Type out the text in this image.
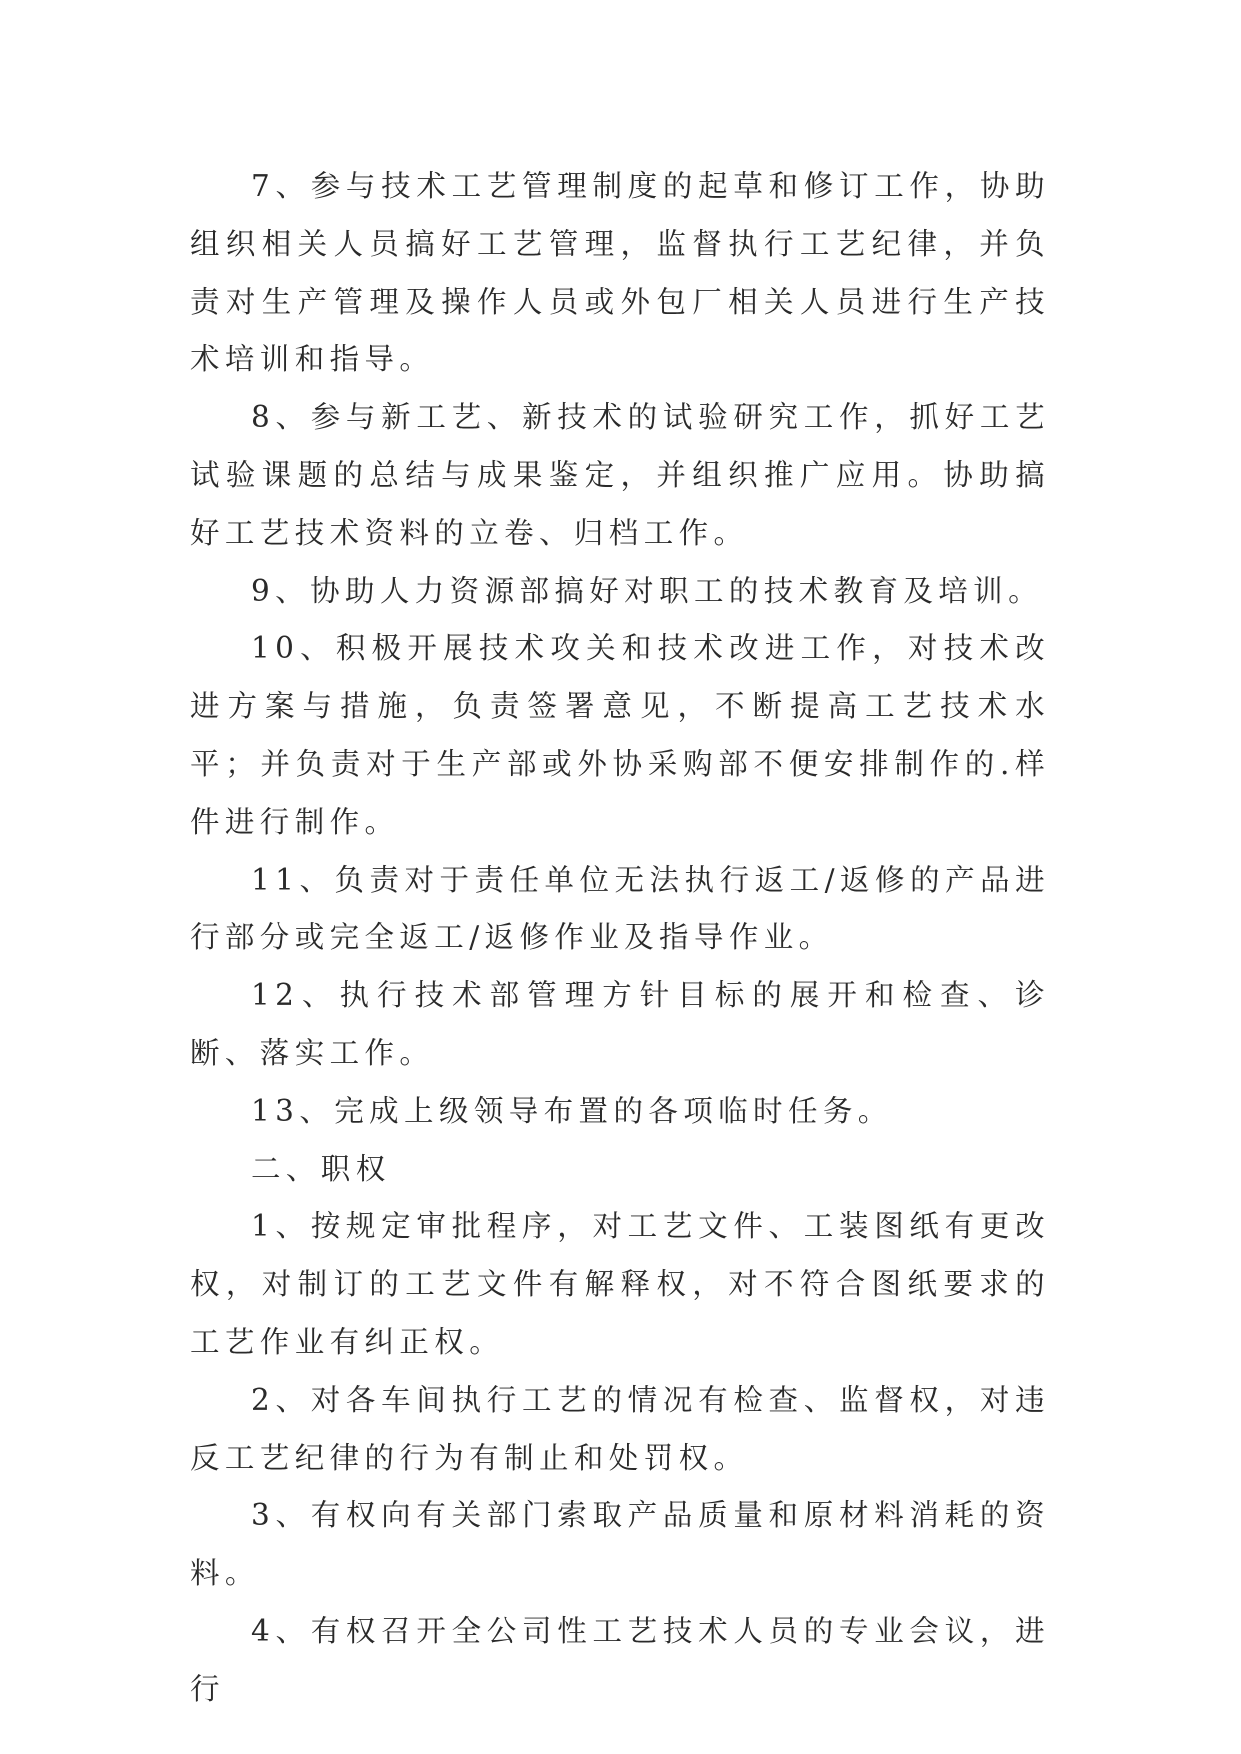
7、参与技术工艺管理制度的起草和修订工作，协助组织相关人员搞好工艺管理，监督执行工艺纪律，并负责对生产管理及操作人员或外包厂相关人员进行生产技术培训和指导。

8、参与新工艺、新技术的试验研究工作，抓好工艺试验课题的总结与成果鉴定，并组织推广应用。协助搞好工艺技术资料的立卷、归档工作。

9、协助人力资源部搞好对职工的技术教育及培训。

10、积极开展技术攻关和技术改进工作，对技术改进方案与措施，负责签署意见，不断提高工艺技术水平；并负责对于生产部或外协采购部不便安排制作的.样件进行制作。

11、负责对于责任单位无法执行返工/返修的产品进行部分或完全返工/返修作业及指导作业。

12、执行技术部管理方针目标的展开和检查、诊断、落实工作。

13、完成上级领导布置的各项临时任务。

二、职权

1、按规定审批程序，对工艺文件、工装图纸有更改权，对制订的工艺文件有解释权，对不符合图纸要求的工艺作业有纠正权。

2、对各车间执行工艺的情况有检查、监督权，对违反工艺纪律的行为有制止和处罚权。

3、有权向有关部门索取产品质量和原材料消耗的资料。

4、有权召开全公司性工艺技术人员的专业会议，进行
